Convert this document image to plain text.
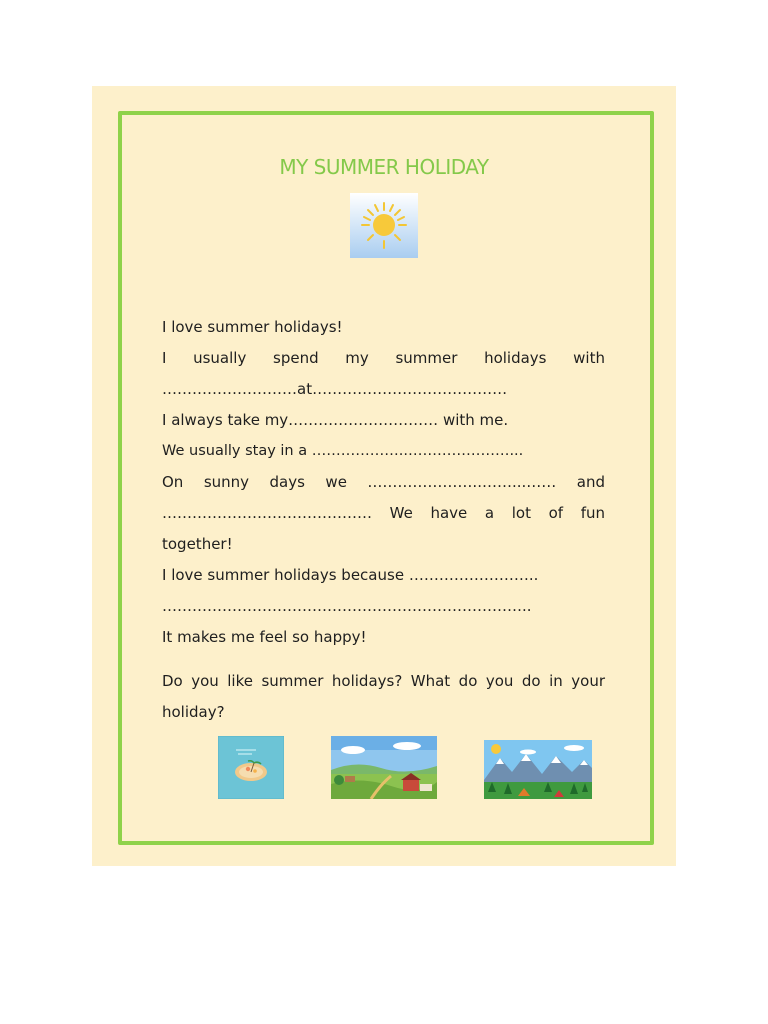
MY SUMMER HOLIDAY

I love summer holidays!

I usually spend my summer holidays with

………………………at…………………………………

I always take my………………………… with me.

We usually stay in a ………………..…………………...

On sunny days we …………………..……...…… and

…………………………………… We have a lot of fun

together!

I love summer holidays because ……………………..

………………………………………………………………..

It makes me feel so happy!

Do you like summer holidays? What do you do in your holiday?
